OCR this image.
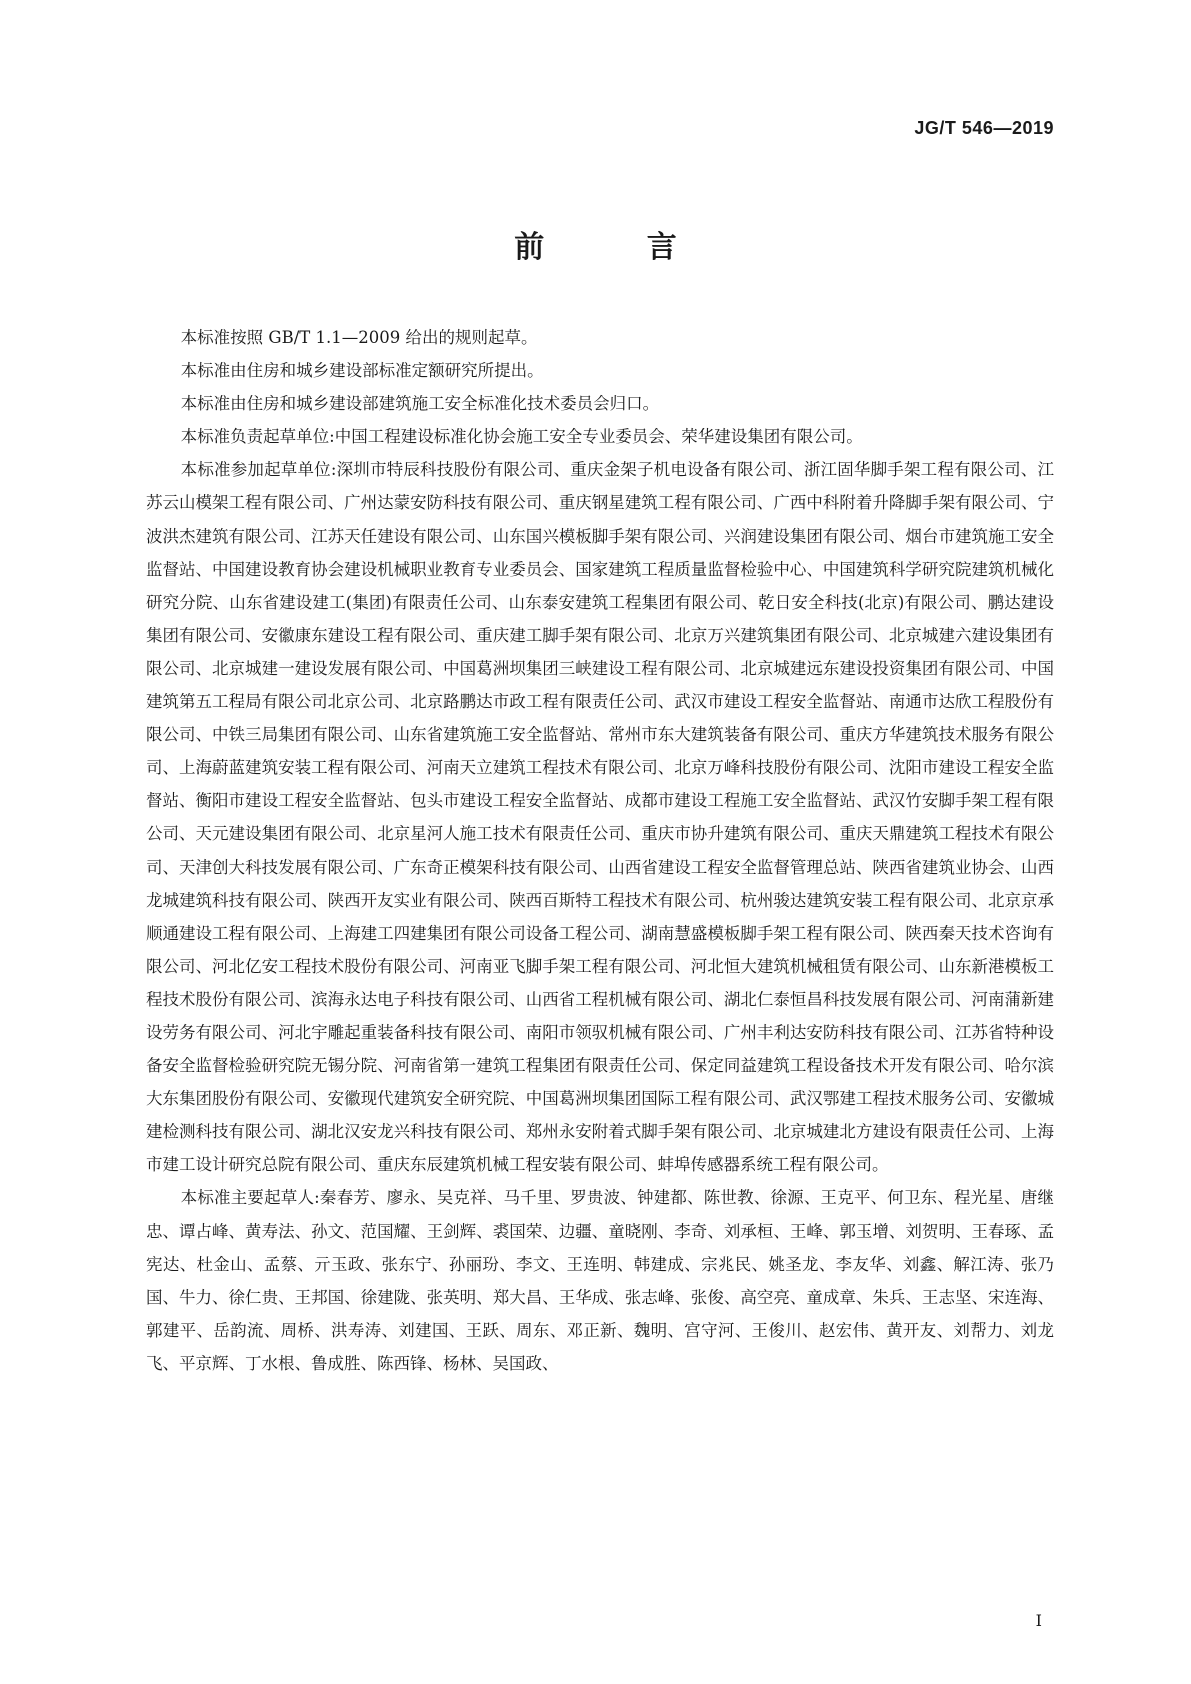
JG/T 546—2019

前 言

本标准按照 GB/T 1.1—2009 给出的规则起草。

本标准由住房和城乡建设部标准定额研究所提出。

本标准由住房和城乡建设部建筑施工安全标准化技术委员会归口。

本标准负责起草单位:中国工程建设标准化协会施工安全专业委员会、荣华建设集团有限公司。

本标准参加起草单位:深圳市特辰科技股份有限公司、重庆金架子机电设备有限公司、浙江固华脚手架工程有限公司、江苏云山模架工程有限公司、广州达蒙安防科技有限公司、重庆钢星建筑工程有限公司、广西中科附着升降脚手架有限公司、宁波洪杰建筑有限公司、江苏天任建设有限公司、山东国兴模板脚手架有限公司、兴润建设集团有限公司、烟台市建筑施工安全监督站、中国建设教育协会建设机械职业教育专业委员会、国家建筑工程质量监督检验中心、中国建筑科学研究院建筑机械化研究分院、山东省建设建工(集团)有限责任公司、山东泰安建筑工程集团有限公司、乾日安全科技(北京)有限公司、鹏达建设集团有限公司、安徽康东建设工程有限公司、重庆建工脚手架有限公司、北京万兴建筑集团有限公司、北京城建六建设集团有限公司、北京城建一建设发展有限公司、中国葛洲坝集团三峡建设工程有限公司、北京城建远东建设投资集团有限公司、中国建筑第五工程局有限公司北京公司、北京路鹏达市政工程有限责任公司、武汉市建设工程安全监督站、南通市达欣工程股份有限公司、中铁三局集团有限公司、山东省建筑施工安全监督站、常州市东大建筑装备有限公司、重庆方华建筑技术服务有限公司、上海蔚蓝建筑安装工程有限公司、河南天立建筑工程技术有限公司、北京万峰科技股份有限公司、沈阳市建设工程安全监督站、衡阳市建设工程安全监督站、包头市建设工程安全监督站、成都市建设工程施工安全监督站、武汉竹安脚手架工程有限公司、天元建设集团有限公司、北京星河人施工技术有限责任公司、重庆市协升建筑有限公司、重庆天鼎建筑工程技术有限公司、天津创大科技发展有限公司、广东奇正模架科技有限公司、山西省建设工程安全监督管理总站、陕西省建筑业协会、山西龙城建筑科技有限公司、陕西开友实业有限公司、陕西百斯特工程技术有限公司、杭州骏达建筑安装工程有限公司、北京京承顺通建设工程有限公司、上海建工四建集团有限公司设备工程公司、湖南慧盛模板脚手架工程有限公司、陕西秦天技术咨询有限公司、河北亿安工程技术股份有限公司、河南亚飞脚手架工程有限公司、河北恒大建筑机械租赁有限公司、山东新港模板工程技术股份有限公司、滨海永达电子科技有限公司、山西省工程机械有限公司、湖北仁泰恒昌科技发展有限公司、河南蒲新建设劳务有限公司、河北宇雕起重装备科技有限公司、南阳市领驭机械有限公司、广州丰利达安防科技有限公司、江苏省特种设备安全监督检验研究院无锡分院、河南省第一建筑工程集团有限责任公司、保定同益建筑工程设备技术开发有限公司、哈尔滨大东集团股份有限公司、安徽现代建筑安全研究院、中国葛洲坝集团国际工程有限公司、武汉鄂建工程技术服务公司、安徽城建检测科技有限公司、湖北汉安龙兴科技有限公司、郑州永安附着式脚手架有限公司、北京城建北方建设有限责任公司、上海市建工设计研究总院有限公司、重庆东辰建筑机械工程安装有限公司、蚌埠传感器系统工程有限公司。

本标准主要起草人:秦春芳、廖永、吴克祥、马千里、罗贵波、钟建都、陈世教、徐源、王克平、何卫东、程光星、唐继忠、谭占峰、黄寿法、孙文、范国耀、王剑辉、裘国荣、边疆、童晓刚、李奇、刘承桓、王峰、郭玉增、刘贺明、王春琢、孟宪达、杜金山、孟蔡、亓玉政、张东宁、孙丽玢、李文、王连明、韩建成、宗兆民、姚圣龙、李友华、刘鑫、解江涛、张乃国、牛力、徐仁贵、王邦国、徐建陇、张英明、郑大昌、王华成、张志峰、张俊、高空亮、童成章、朱兵、王志坚、宋连海、郭建平、岳韵流、周桥、洪寿涛、刘建国、王跃、周东、邓正新、魏明、宫守河、王俊川、赵宏伟、黄开友、刘帮力、刘龙飞、平京辉、丁水根、鲁成胜、陈西锋、杨林、吴国政、

I
